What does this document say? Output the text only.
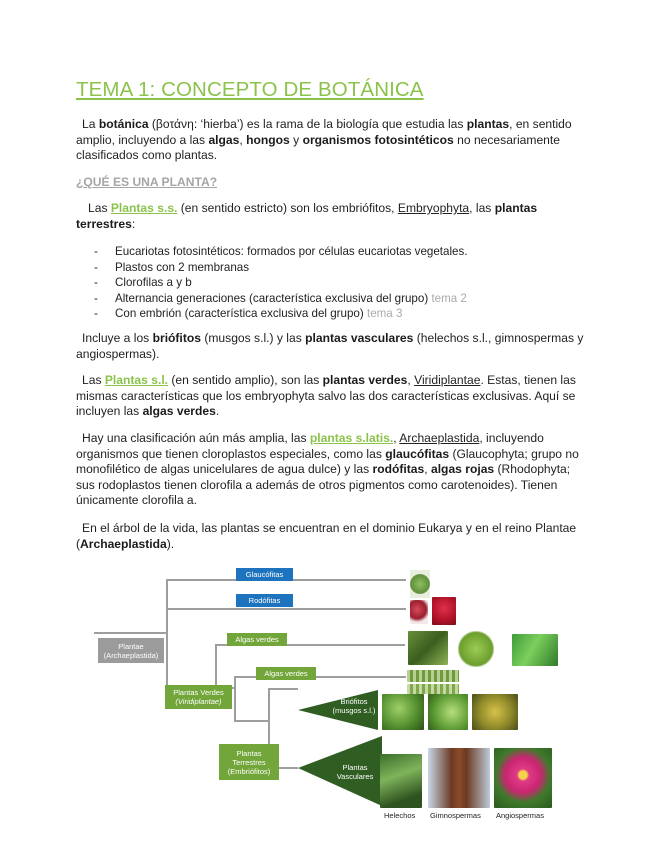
TEMA 1: CONCEPTO DE BOTÁNICA

La botánica (βοτάνη: ‘hierba’) es la rama de la biología que estudia las plantas, en sentido amplio, incluyendo a las algas, hongos y organismos fotosintéticos no necesariamente clasificados como plantas.

¿QUÉ ES UNA PLANTA?

Las Plantas s.s. (en sentido estricto) son los embrióﬁtos, Embryophyta, las plantas terrestres:

- Eucariotas fotosintéticos: formados por células eucariotas vegetales.
- Plastos con 2 membranas
- Clorofilas a y b
- Alternancia generaciones (característica exclusiva del grupo) tema 2
- Con embrión (característica exclusiva del grupo) tema 3

Incluye a los brióﬁtos (musgos s.l.) y las plantas vasculares (helechos s.l., gimnospermas y angiospermas).

Las Plantas s.l. (en sentido amplio), son las plantas verdes, Viridiplantae. Estas, tienen las mismas características que los embryophyta salvo las dos características exclusivas. Aquí se incluyen las algas verdes.

Hay una clasiﬁcación aún más amplia, las plantas s.latis., Archaeplastida, incluyendo organismos que tienen cloroplastos especiales, como las glaucóﬁtas (Glaucophyta; grupo no monoﬁlético de algas unicelulares de agua dulce) y las rodóﬁtas, algas rojas (Rhodophyta; sus rodoplastos tienen cloroﬁla a además de otros pigmentos como carotenoides). Tienen únicamente cloroﬁla a.

En el árbol de la vida, las plantas se encuentran en el dominio Eukarya y en el reino Plantae (Archaeplastida).

Briófitos
(musgos s.l.)
Plantas
Vasculares
Glaucófitas
Rodófitas
Plantae
(Archaeplastida)
Algas verdes
Algas verdes
Plantas Verdes
(Viridiplantae)
Plantas
Terrestres
(Embriófitos)
Helechos Gimnospermas Angiospermas
